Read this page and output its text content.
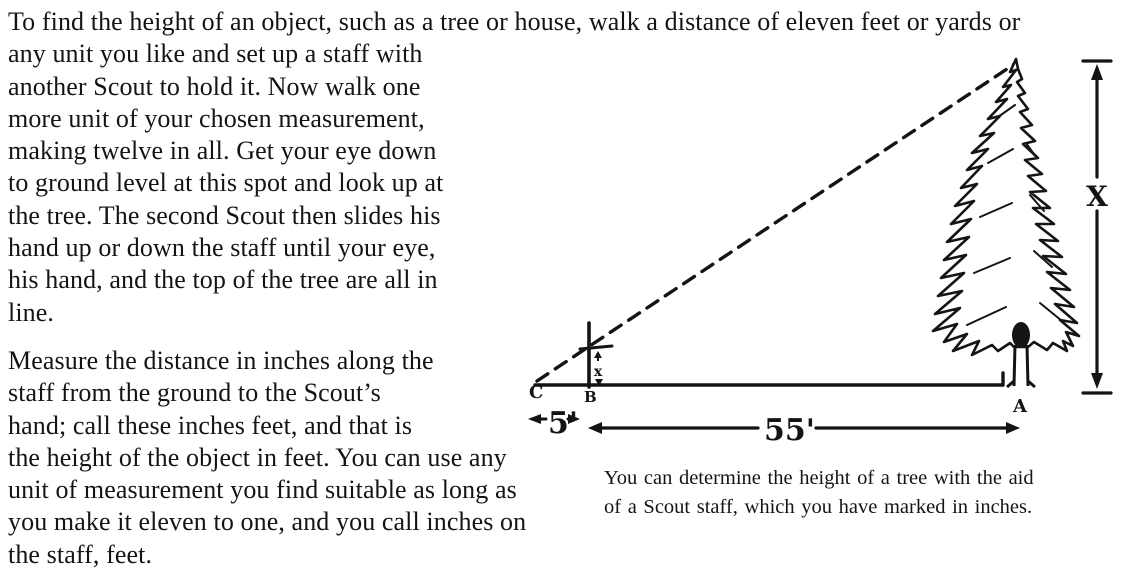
To find the height of an object, such as a tree or house, walk a distance of eleven feet or yards or
any unit you like and set up a staff with
another Scout to hold it. Now walk one
more unit of your chosen measurement,
making twelve in all. Get your eye down
to ground level at this spot and look up at
the tree. The second Scout then slides his
hand up or down the staff until your eye,
his hand, and the top of the tree are all in
line.
Measure the distance in inches along the
staff from the ground to the Scout’s
hand; call these inches feet, and that is
the height of the object in feet. You can use any
unit of measurement you find suitable as long as
you make it eleven to one, and you call inches on
the staff, feet.
x
X
5'	55'
C	B	A
You can determine the height of a tree with the aid
of a Scout staff, which you have marked in inches.
